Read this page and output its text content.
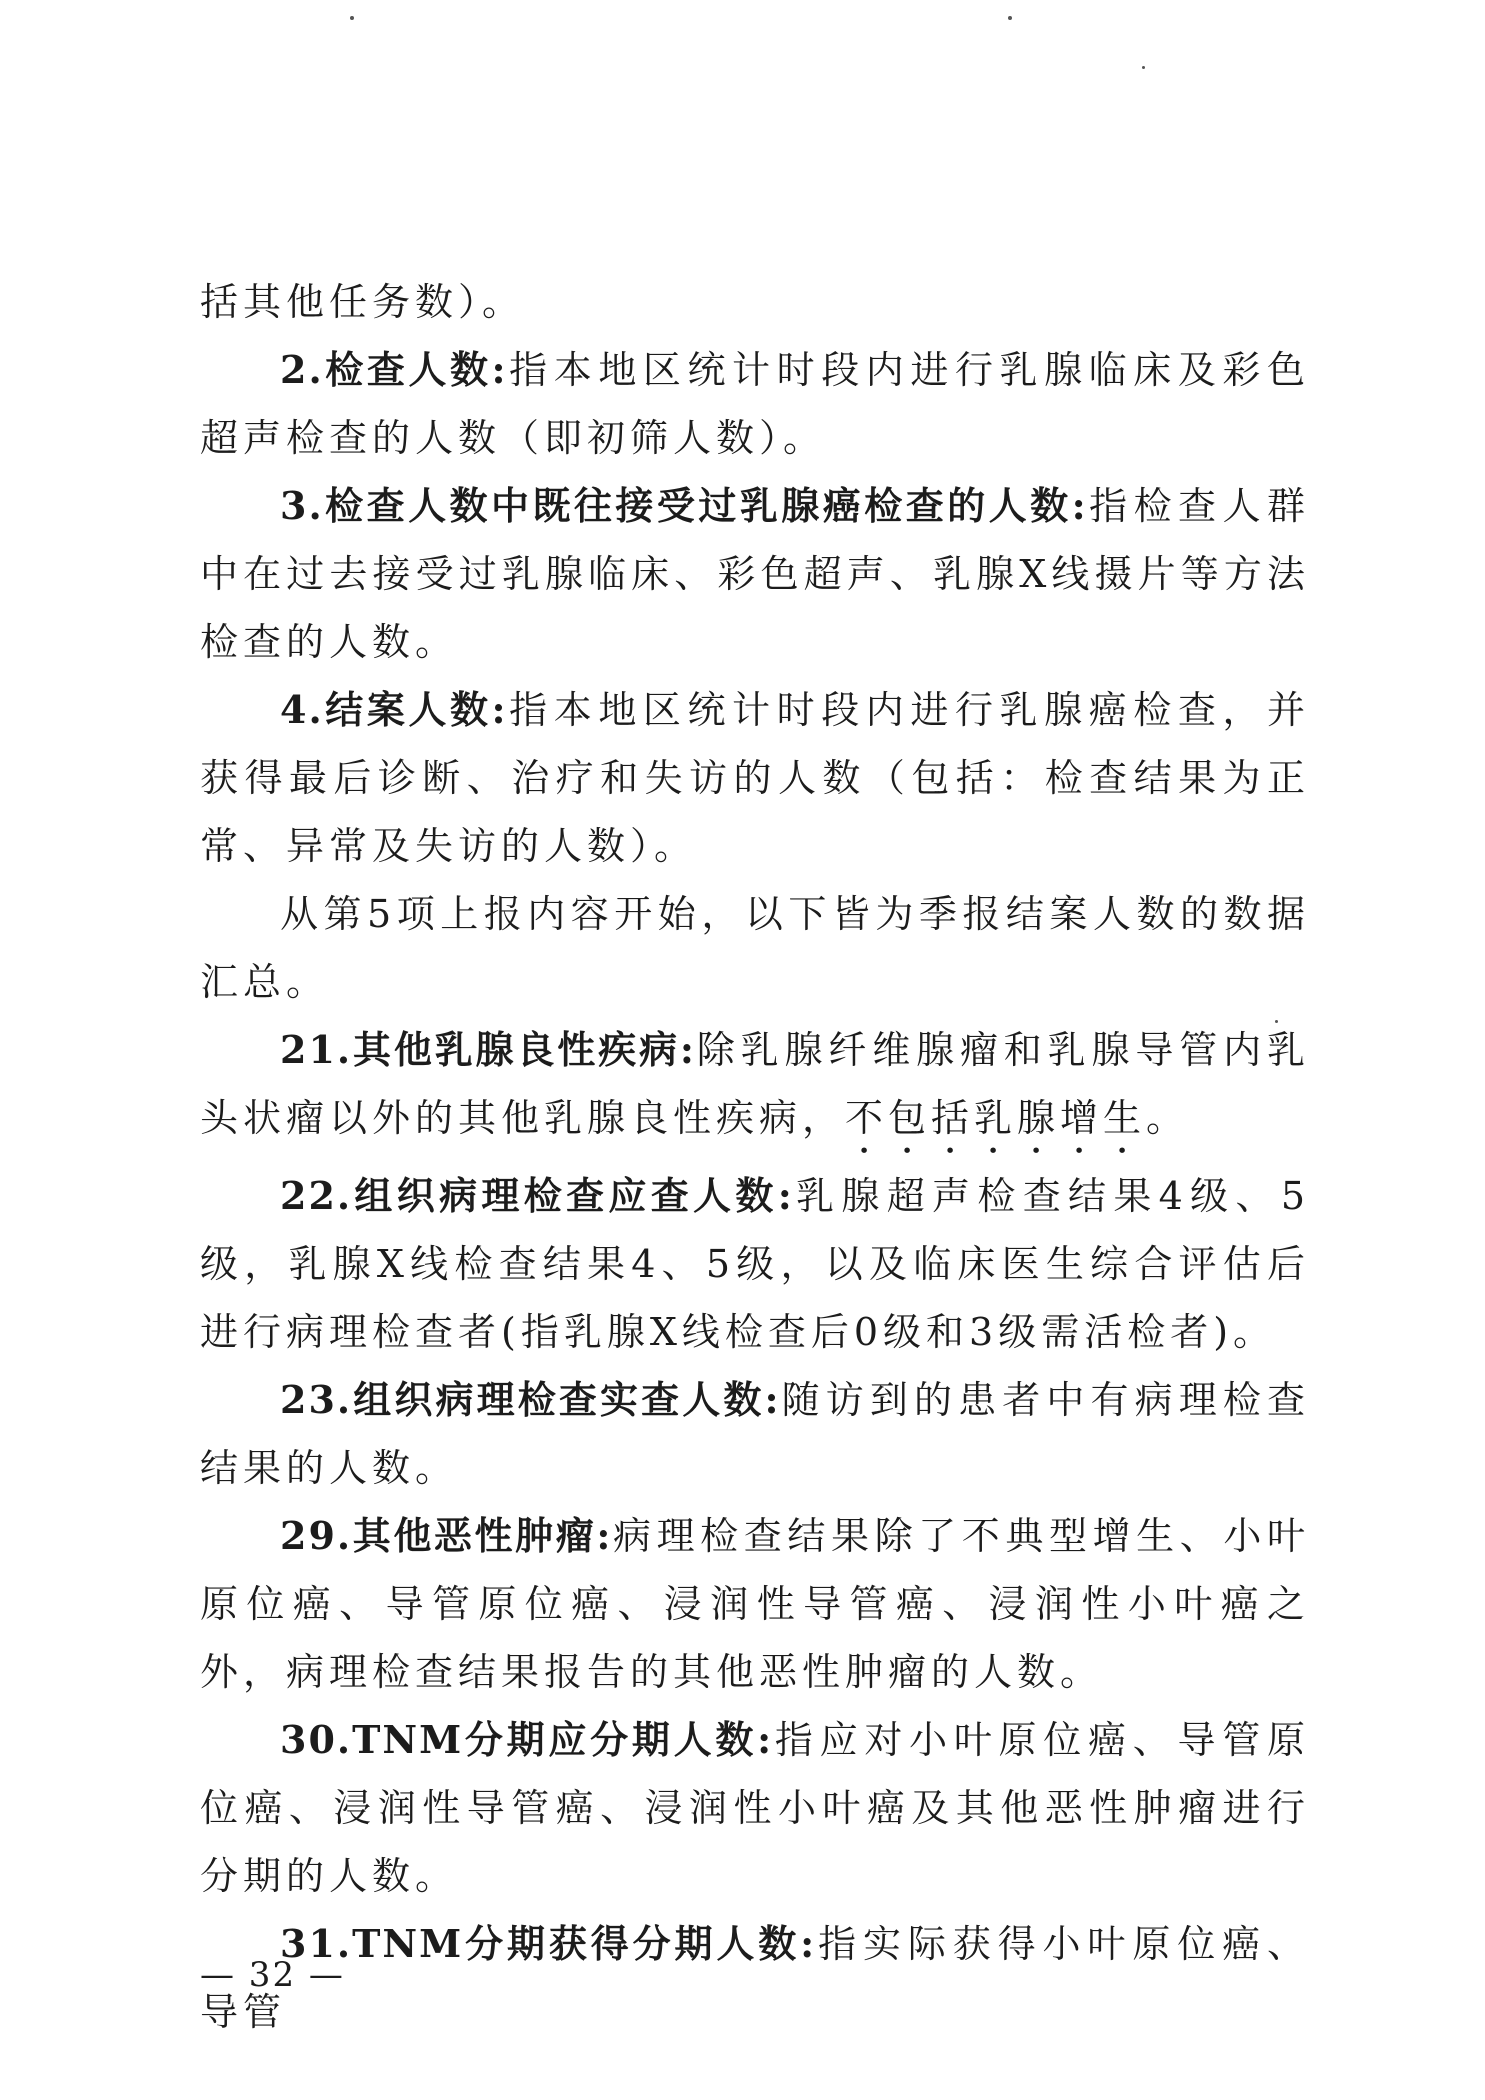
括其他任务数）。

2.检查人数:指本地区统计时段内进行乳腺临床及彩色超声检查的人数（即初筛人数）。

3.检查人数中既往接受过乳腺癌检查的人数:指检查人群中在过去接受过乳腺临床、彩色超声、乳腺X线摄片等方法检查的人数。

4.结案人数:指本地区统计时段内进行乳腺癌检查，并获得最后诊断、治疗和失访的人数（包括：检查结果为正常、异常及失访的人数）。

从第5项上报内容开始，以下皆为季报结案人数的数据汇总。

21.其他乳腺良性疾病:除乳腺纤维腺瘤和乳腺导管内乳头状瘤以外的其他乳腺良性疾病，不包括乳腺增生。

22.组织病理检查应查人数:乳腺超声检查结果4级、5级，乳腺X线检查结果4、5级，以及临床医生综合评估后进行病理检查者(指乳腺X线检查后0级和3级需活检者)。

23.组织病理检查实查人数:随访到的患者中有病理检查结果的人数。

29.其他恶性肿瘤:病理检查结果除了不典型增生、小叶原位癌、导管原位癌、浸润性导管癌、浸润性小叶癌之外，病理检查结果报告的其他恶性肿瘤的人数。

30.TNM分期应分期人数:指应对小叶原位癌、导管原位癌、浸润性导管癌、浸润性小叶癌及其他恶性肿瘤进行分期的人数。

31.TNM分期获得分期人数:指实际获得小叶原位癌、导管

— 32 —
